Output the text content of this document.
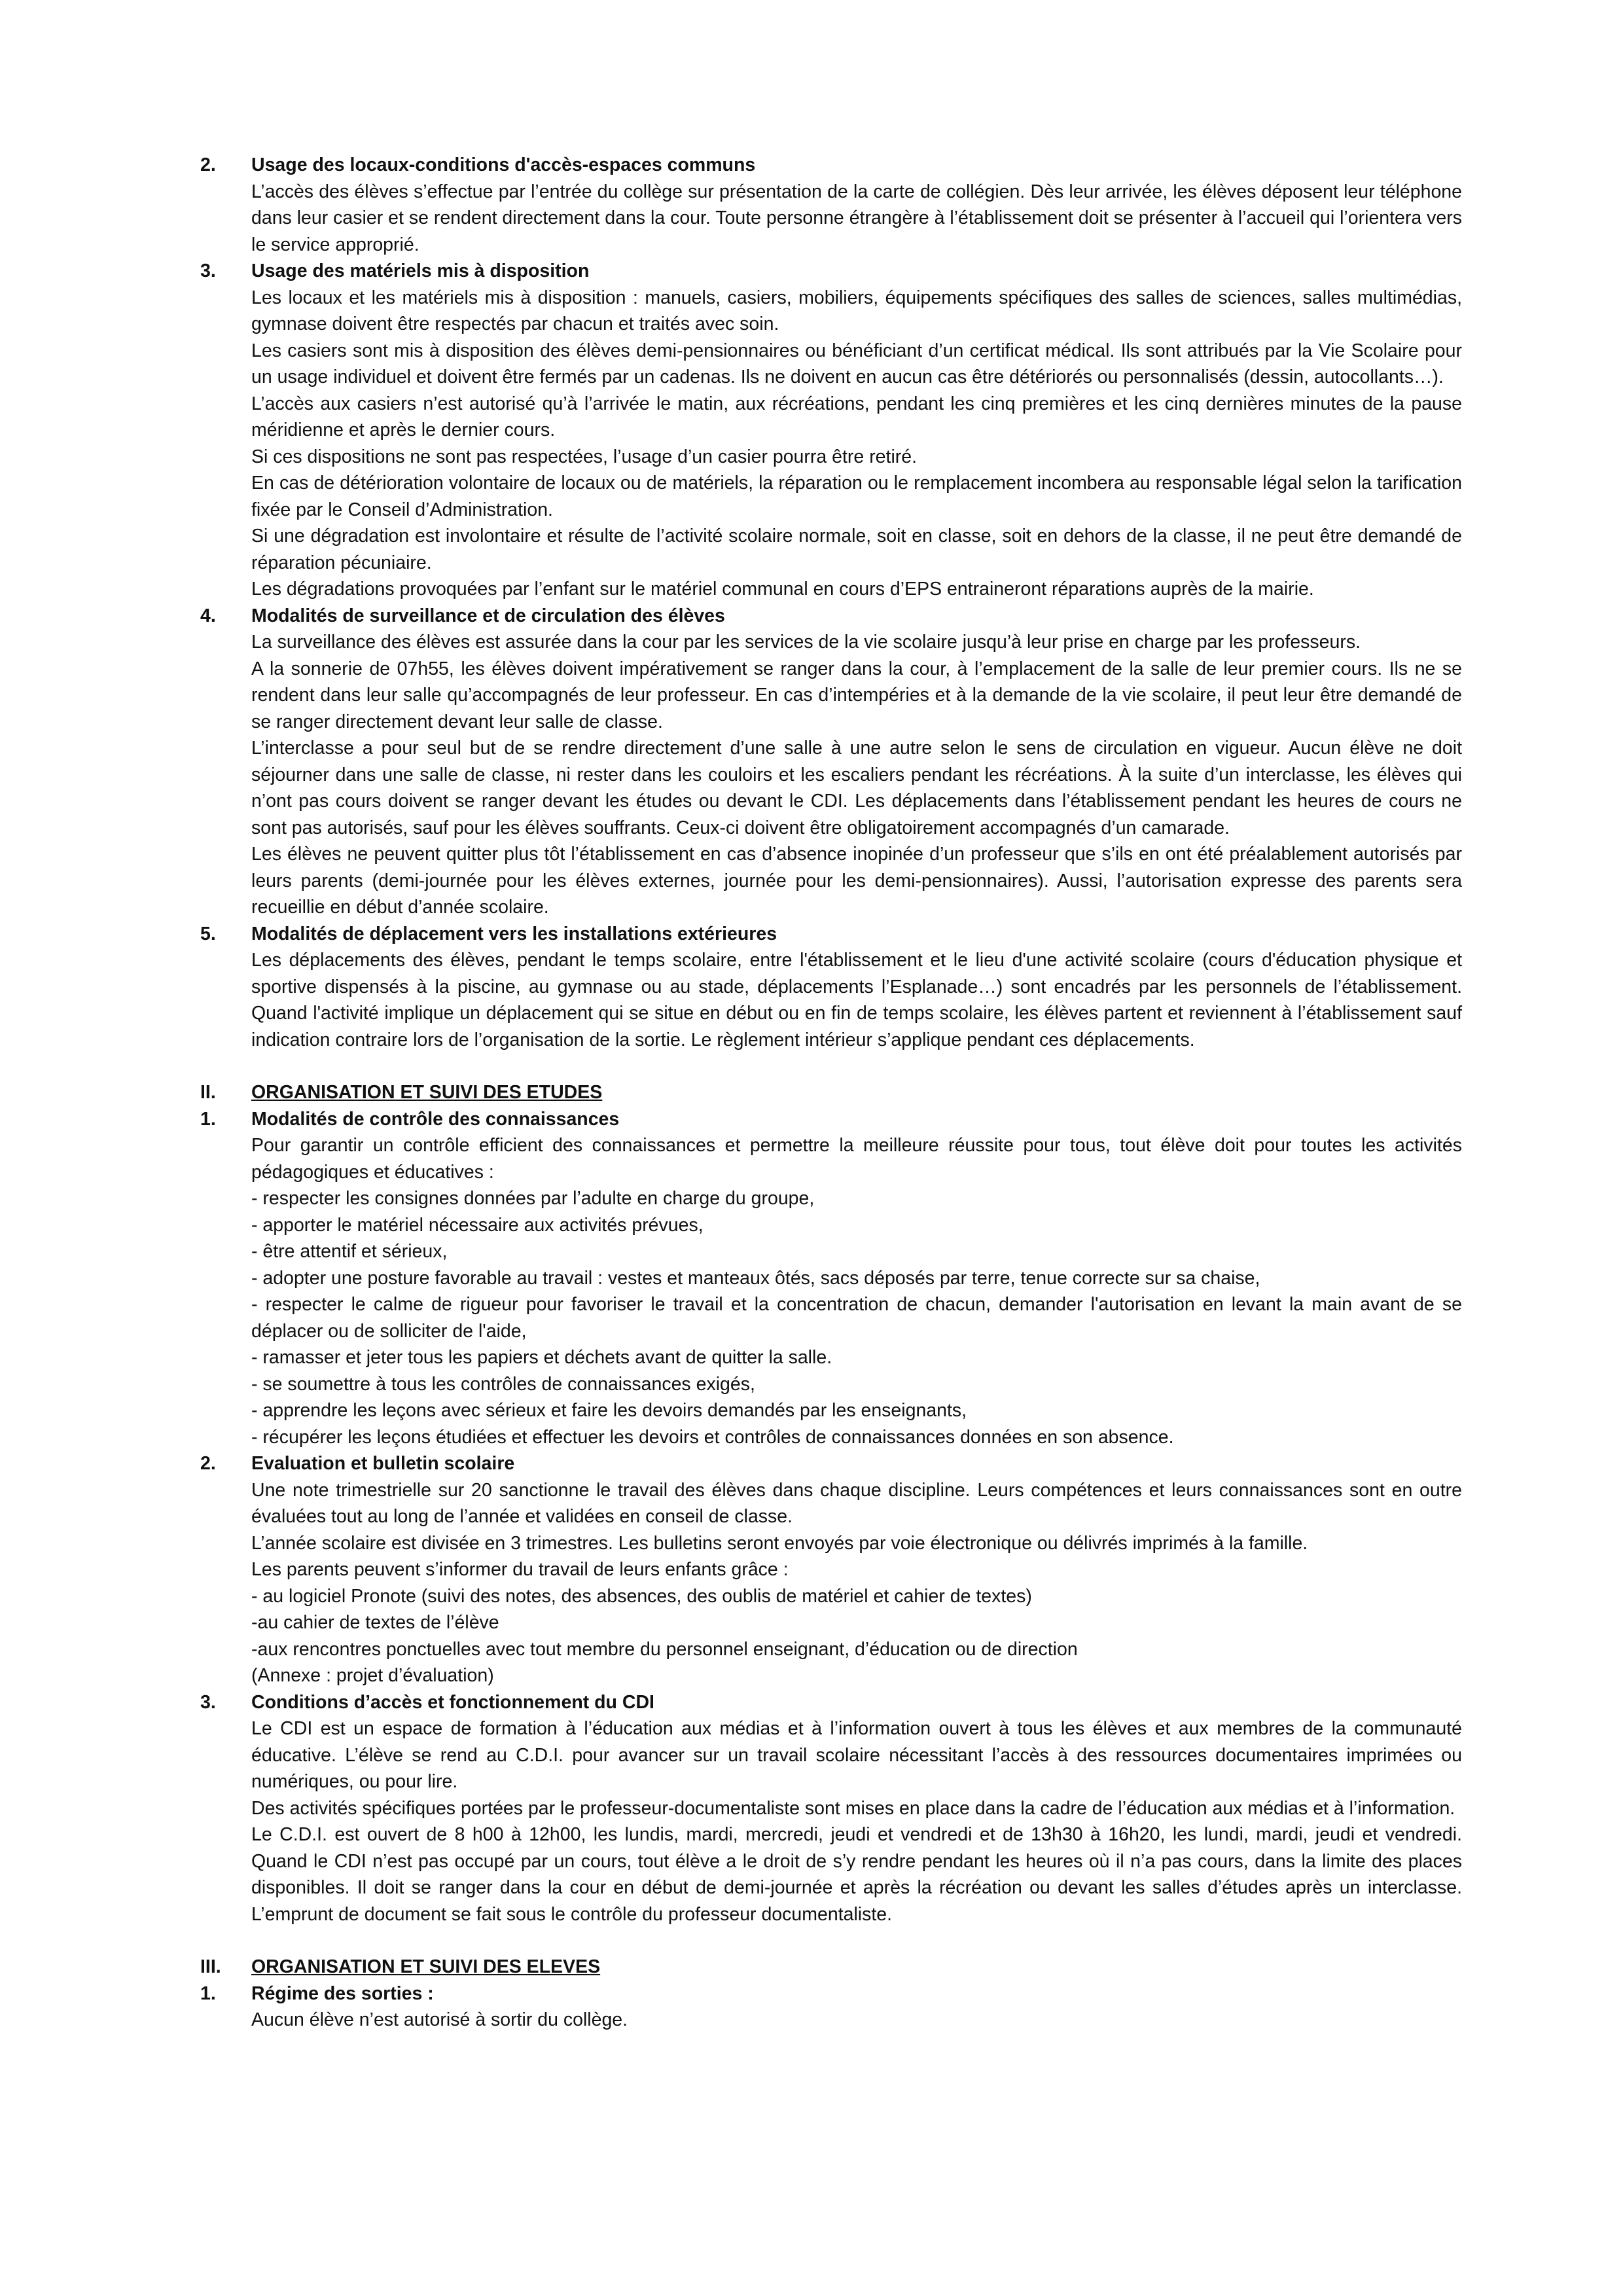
2.	Usage des locaux-conditions d'accès-espaces communs

L’accès des élèves s’effectue par l’entrée du collège sur présentation de la carte de collégien. Dès leur arrivée, les élèves déposent leur téléphone dans leur casier et se rendent directement dans la cour. Toute personne étrangère à l’établissement doit se présenter à l’accueil qui l’orientera vers le service approprié.

3.	Usage des matériels mis à disposition

Les locaux et les matériels mis à disposition : manuels, casiers, mobiliers, équipements spécifiques des salles de sciences, salles multimédias, gymnase doivent être respectés par chacun et traités avec soin.

Les casiers sont mis à disposition des élèves demi-pensionnaires ou bénéficiant d’un certificat médical. Ils sont attribués par la Vie Scolaire pour un usage individuel et doivent être fermés par un cadenas. Ils ne doivent en aucun cas être détériorés ou personnalisés (dessin, autocollants…).

L’accès aux casiers n’est autorisé qu’à l’arrivée le matin, aux récréations, pendant les cinq premières et les cinq dernières minutes de la pause méridienne et après le dernier cours.

Si ces dispositions ne sont pas respectées, l’usage d’un casier pourra être retiré.

En cas de détérioration volontaire de locaux ou de matériels, la réparation ou le remplacement incombera au responsable légal selon la tarification fixée par le Conseil d’Administration.

Si une dégradation est involontaire et résulte de l’activité scolaire normale, soit en classe, soit en dehors de la classe, il ne peut être demandé de réparation pécuniaire.

Les dégradations provoquées par l’enfant sur le matériel communal en cours d’EPS entraineront réparations auprès de la mairie.

4.	Modalités de surveillance et de circulation des élèves

La surveillance des élèves est assurée dans la cour par les services de la vie scolaire jusqu’à leur prise en charge par les professeurs.

A la sonnerie de 07h55, les élèves doivent impérativement se ranger dans la cour, à l’emplacement de la salle de leur premier cours. Ils ne se rendent dans leur salle qu’accompagnés de leur professeur. En cas d’intempéries et à la demande de la vie scolaire, il peut leur être demandé de se ranger directement devant leur salle de classe.

L’interclasse a pour seul but de se rendre directement d’une salle à une autre selon le sens de circulation en vigueur. Aucun élève ne doit séjourner dans une salle de classe, ni rester dans les couloirs et les escaliers pendant les récréations. À la suite d’un interclasse, les élèves qui n’ont pas cours doivent se ranger devant les études ou devant le CDI. Les déplacements dans l’établissement pendant les heures de cours ne sont pas autorisés, sauf pour les élèves souffrants. Ceux-ci doivent être obligatoirement accompagnés d’un camarade.

Les élèves ne peuvent quitter plus tôt l’établissement en cas d’absence inopinée d’un professeur que s’ils en ont été préalablement autorisés par leurs parents (demi-journée pour les élèves externes, journée pour les demi-pensionnaires). Aussi, l’autorisation expresse des parents sera recueillie en début d’année scolaire.

5.	Modalités de déplacement vers les installations extérieures

Les déplacements des élèves, pendant le temps scolaire, entre l'établissement et le lieu d'une activité scolaire (cours d'éducation physique et sportive dispensés à la piscine, au gymnase ou au stade, déplacements l’Esplanade…) sont encadrés par les personnels de l’établissement. Quand l'activité implique un déplacement qui se situe en début ou en fin de temps scolaire, les élèves partent et reviennent à l’établissement sauf indication contraire lors de l’organisation de la sortie. Le règlement intérieur s’applique pendant ces déplacements.

II.	ORGANISATION ET SUIVI DES ETUDES
1.	Modalités de contrôle des connaissances

Pour garantir un contrôle efficient des connaissances et permettre la meilleure réussite pour tous, tout élève doit pour toutes les activités pédagogiques et éducatives :

- respecter les consignes données par l’adulte en charge du groupe,

- apporter le matériel nécessaire aux activités prévues,

- être attentif et sérieux,

- adopter une posture favorable au travail : vestes et manteaux ôtés, sacs déposés par terre, tenue correcte sur sa chaise,

- respecter le calme de rigueur pour favoriser le travail et la concentration de chacun, demander l'autorisation en levant la main avant de se déplacer ou de solliciter de l'aide,

- ramasser et jeter tous les papiers et déchets avant de quitter la salle.

- se soumettre à tous les contrôles de connaissances exigés,

- apprendre les leçons avec sérieux et faire les devoirs demandés par les enseignants,

- récupérer les leçons étudiées et effectuer les devoirs et contrôles de connaissances données en son absence.

2.	Evaluation et bulletin scolaire

Une note trimestrielle sur 20 sanctionne le travail des élèves dans chaque discipline. Leurs compétences et leurs connaissances sont en outre évaluées tout au long de l’année et validées en conseil de classe.

L’année scolaire est divisée en 3 trimestres. Les bulletins seront envoyés par voie électronique ou délivrés imprimés à la famille.

Les parents peuvent s’informer du travail de leurs enfants grâce :

- au logiciel Pronote (suivi des notes, des absences, des oublis de matériel et cahier de textes)

-au cahier de textes de l’élève

-aux rencontres ponctuelles avec tout membre du personnel enseignant, d’éducation ou de direction

(Annexe : projet d’évaluation)

3.	Conditions d’accès et fonctionnement du CDI

Le CDI est un espace de formation à l’éducation aux médias et à l’information ouvert à tous les élèves et aux membres de la communauté éducative. L’élève se rend au C.D.I. pour avancer sur un travail scolaire nécessitant l’accès à des ressources documentaires imprimées ou numériques, ou pour lire.

Des activités spécifiques portées par le professeur-documentaliste sont mises en place dans la cadre de l’éducation aux médias et à l’information.

Le C.D.I. est ouvert de 8 h00 à 12h00, les lundis, mardi, mercredi, jeudi et vendredi et de 13h30 à 16h20, les lundi, mardi, jeudi et vendredi. Quand le CDI n’est pas occupé par un cours, tout élève a le droit de s’y rendre pendant les heures où il n’a pas cours, dans la limite des places disponibles. Il doit se ranger dans la cour en début de demi-journée et après la récréation ou devant les salles d’études après un interclasse. L’emprunt de document se fait sous le contrôle du professeur documentaliste.

III.	ORGANISATION ET SUIVI DES ELEVES
1.	Régime des sorties :

Aucun élève n’est autorisé à sortir du collège.
